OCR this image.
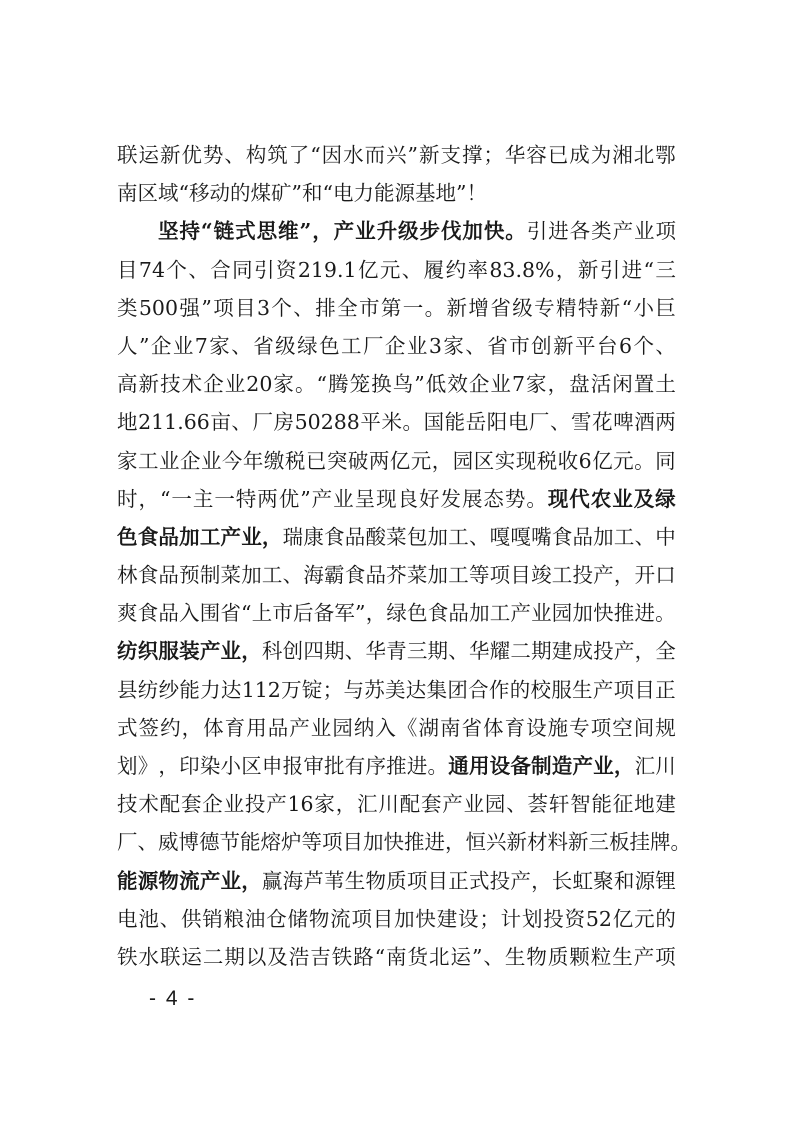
联 运 新 优 势 、 构 筑 了 “ 因 水 而 兴 ” 新 支 撑 ； 华 容 已 成 为 湘 北 鄂
南 区 域 “ 移 动 的 煤 矿 ” 和 “ 电 力 能 源 基 地 ” ！
坚 持 “ 链 式 思 维 ” ， 产 业 升 级 步 伐 加 快 。 引 进 各 类 产 业 项
目 74 个 、 合 同 引 资 219.1 亿 元 、 履 约 率 83.8% ， 新 引 进 “ 三
类 500 强 ” 项 目 3 个 、 排 全 市 第 一 。 新 增 省 级 专 精 特 新 “ 小 巨
人 ” 企 业 7 家 、 省 级 绿 色 工 厂 企 业 3 家 、 省 市 创 新 平 台 6 个 、
高 新 技 术 企 业 20 家 。 “ 腾 笼 换 鸟 ” 低 效 企 业 7 家 ， 盘 活 闲 置 土
地 211.66 亩 、 厂 房 50288 平 米 。 国 能 岳 阳 电 厂 、 雪 花 啤 酒 两
家 工 业 企 业 今 年 缴 税 已 突 破 两 亿 元 ， 园 区 实 现 税 收 6 亿 元 。 同
时 ， “ 一 主 一 特 两 优 ” 产 业 呈 现 良 好 发 展 态 势 。 现 代 农 业 及 绿
色 食 品 加 工 产 业 ， 瑞 康 食 品 酸 菜 包 加 工 、 嘎 嘎 嘴 食 品 加 工 、 中
林 食 品 预 制 菜 加 工 、 海 霸 食 品 芥 菜 加 工 等 项 目 竣 工 投 产 ， 开 口
爽 食 品 入 围 省 “ 上 市 后 备 军 ” ， 绿 色 食 品 加 工 产 业 园 加 快 推 进 。
纺 织 服 装 产 业 ， 科 创 四 期 、 华 青 三 期 、 华 耀 二 期 建 成 投 产 ， 全
县 纺 纱 能 力 达 112 万 锭 ； 与 苏 美 达 集 团 合 作 的 校 服 生 产 项 目 正
式 签 约 ， 体 育 用 品 产 业 园 纳 入 《 湖 南 省 体 育 设 施 专 项 空 间 规
划 》 ， 印 染 小 区 申 报 审 批 有 序 推 进 。 通 用 设 备 制 造 产 业 ， 汇 川
技 术 配 套 企 业 投 产 16 家 ， 汇 川 配 套 产 业 园 、 荟 轩 智 能 征 地 建
厂 、 威 博 德 节 能 熔 炉 等 项 目 加 快 推 进 ， 恒 兴 新 材 料 新 三 板 挂 牌 。
能 源 物 流 产 业 ， 赢 海 芦 苇 生 物 质 项 目 正 式 投 产 ， 长 虹 聚 和 源 锂
电 池 、 供 销 粮 油 仓 储 物 流 项 目 加 快 建 设 ； 计 划 投 资 52 亿 元 的
铁 水 联 运 二 期 以 及 浩 吉 铁 路 “ 南 货 北 运 ” 、 生 物 质 颗 粒 生 产 项
- 4 -
